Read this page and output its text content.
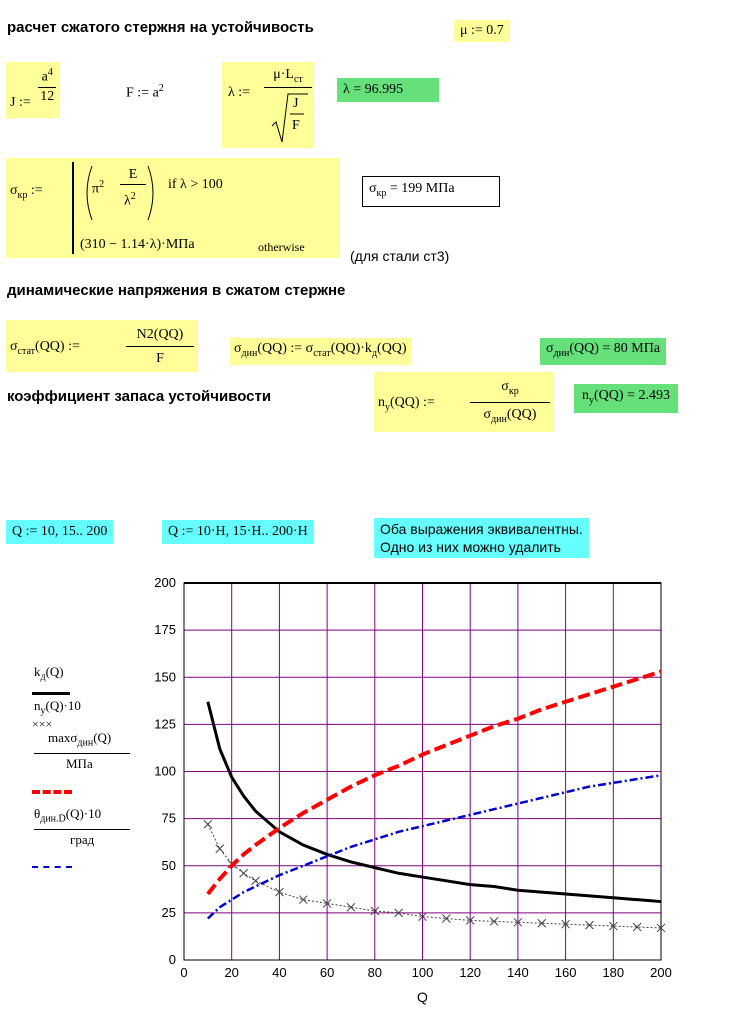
расчет сжатого стержня на устойчивость	μ := 0.7
J := $\frac{a^4}{12}$	F := $a^2$	λ :=
$\mu\cdot L_{ст}$
J
F
λ = 96.995
$\sigma_{кр}$ :=	$\pi^2$
E
$\lambda^2$
if λ > 100
(310 − 1.14·λ)·МПа	otherwise
$\sigma_{кр} = 199$ МПа
(для стали ст3)
динамические напряжения в сжатом стержне
$\sigma_{стат}(QQ)$ :=
N2(QQ)
F
$\sigma_{дин}(QQ)$ := $\sigma_{стат}(QQ)\cdot k_д(QQ)$	$\sigma_{дин}(QQ) = 80$ МПа
коэффициент запаса устойчивости	$n_y(QQ)$ :=
$\sigma_{кр}$
$\sigma_{дин}(QQ)$
$n_y(QQ) = 2.493$
Q := 10, 15.. 200	Q := 10·Н, 15·Н.. 200·Н	Оба выражения эквивалентны.
Одно из них можно удалить
$k_д(Q)$
$n_y(Q)\cdot 10$
×××
maxσ$_{дин}$(Q)
МПа
$\theta_{дин.D}(Q)\cdot 10$
град
0	20	40	60	80 100 120 140 160 180 200
0
25
50
75
100
125
150
175
200
Q
